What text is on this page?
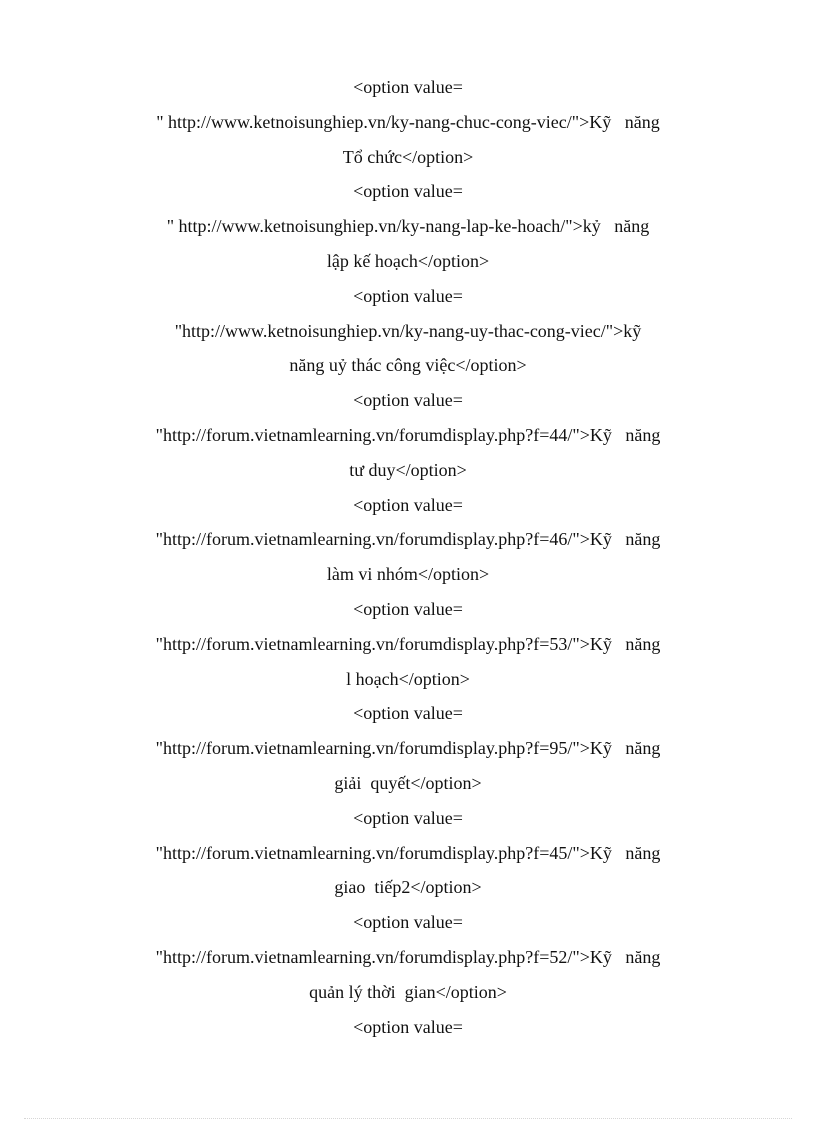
<option value=
" http://www.ketnoisunghiep.vn/ky-nang-chuc-cong-viec/">Kỹ   năng
Tổ chức</option>
<option value=
" http://www.ketnoisunghiep.vn/ky-nang-lap-ke-hoach/">kỷ   năng
lập kế hoạch</option>
<option value=
"http://www.ketnoisunghiep.vn/ky-nang-uy-thac-cong-viec/">kỹ
năng uỷ thác công việc</option>
<option value=
"http://forum.vietnamlearning.vn/forumdisplay.php?f=44/">Kỹ   năng
tư duy</option>
<option value=
"http://forum.vietnamlearning.vn/forumdisplay.php?f=46/">Kỹ   năng
làm vi nhóm</option>
<option value=
"http://forum.vietnamlearning.vn/forumdisplay.php?f=53/">Kỹ   năng
l hoạch</option>
<option value=
"http://forum.vietnamlearning.vn/forumdisplay.php?f=95/">Kỹ   năng
giải  quyết</option>
<option value=
"http://forum.vietnamlearning.vn/forumdisplay.php?f=45/">Kỹ   năng
giao  tiếp2</option>
<option value=
"http://forum.vietnamlearning.vn/forumdisplay.php?f=52/">Kỹ   năng
quản lý thời  gian</option>
<option value=
